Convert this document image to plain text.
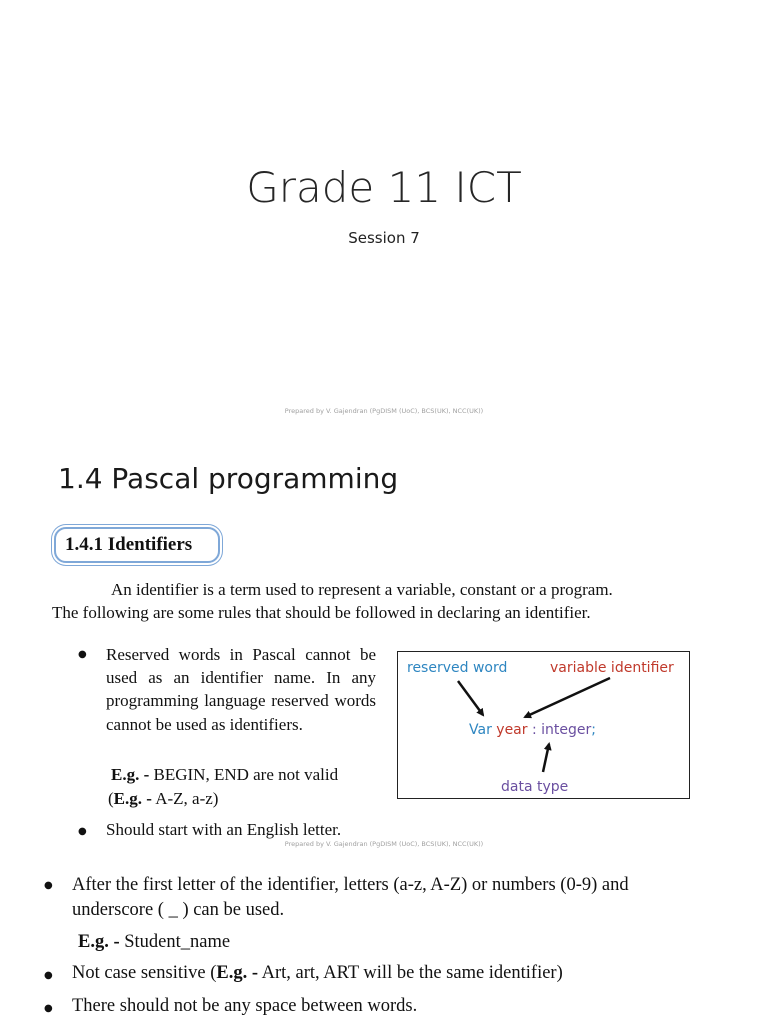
Grade 11 ICT
Session 7
Prepared by V. Gajendran (PgDISM (UoC), BCS(UK), NCC(UK))
1.4 Pascal programming
1.4.1 Identifiers
An identifier is a term used to represent a variable, constant or a program.
The following are some rules that should be followed in declaring an identifier.
● Reserved words in Pascal cannot be used as an identifier name. In any programming language reserved words cannot be used as identifiers.
E.g. - BEGIN, END are not valid
(E.g. - A-Z, a-z)
● Should start with an English letter.
Prepared by V. Gajendran (PgDISM (UoC), BCS(UK), NCC(UK))
reserved word	variable identifier
Var year : integer;
data type
● After the first letter of the identifier, letters (a-z, A-Z) or numbers (0-9) and underscore ( _ ) can be used.
E.g. - Student_name
● Not case sensitive (E.g. - Art, art, ART will be the same identifier)
● There should not be any space between words.
